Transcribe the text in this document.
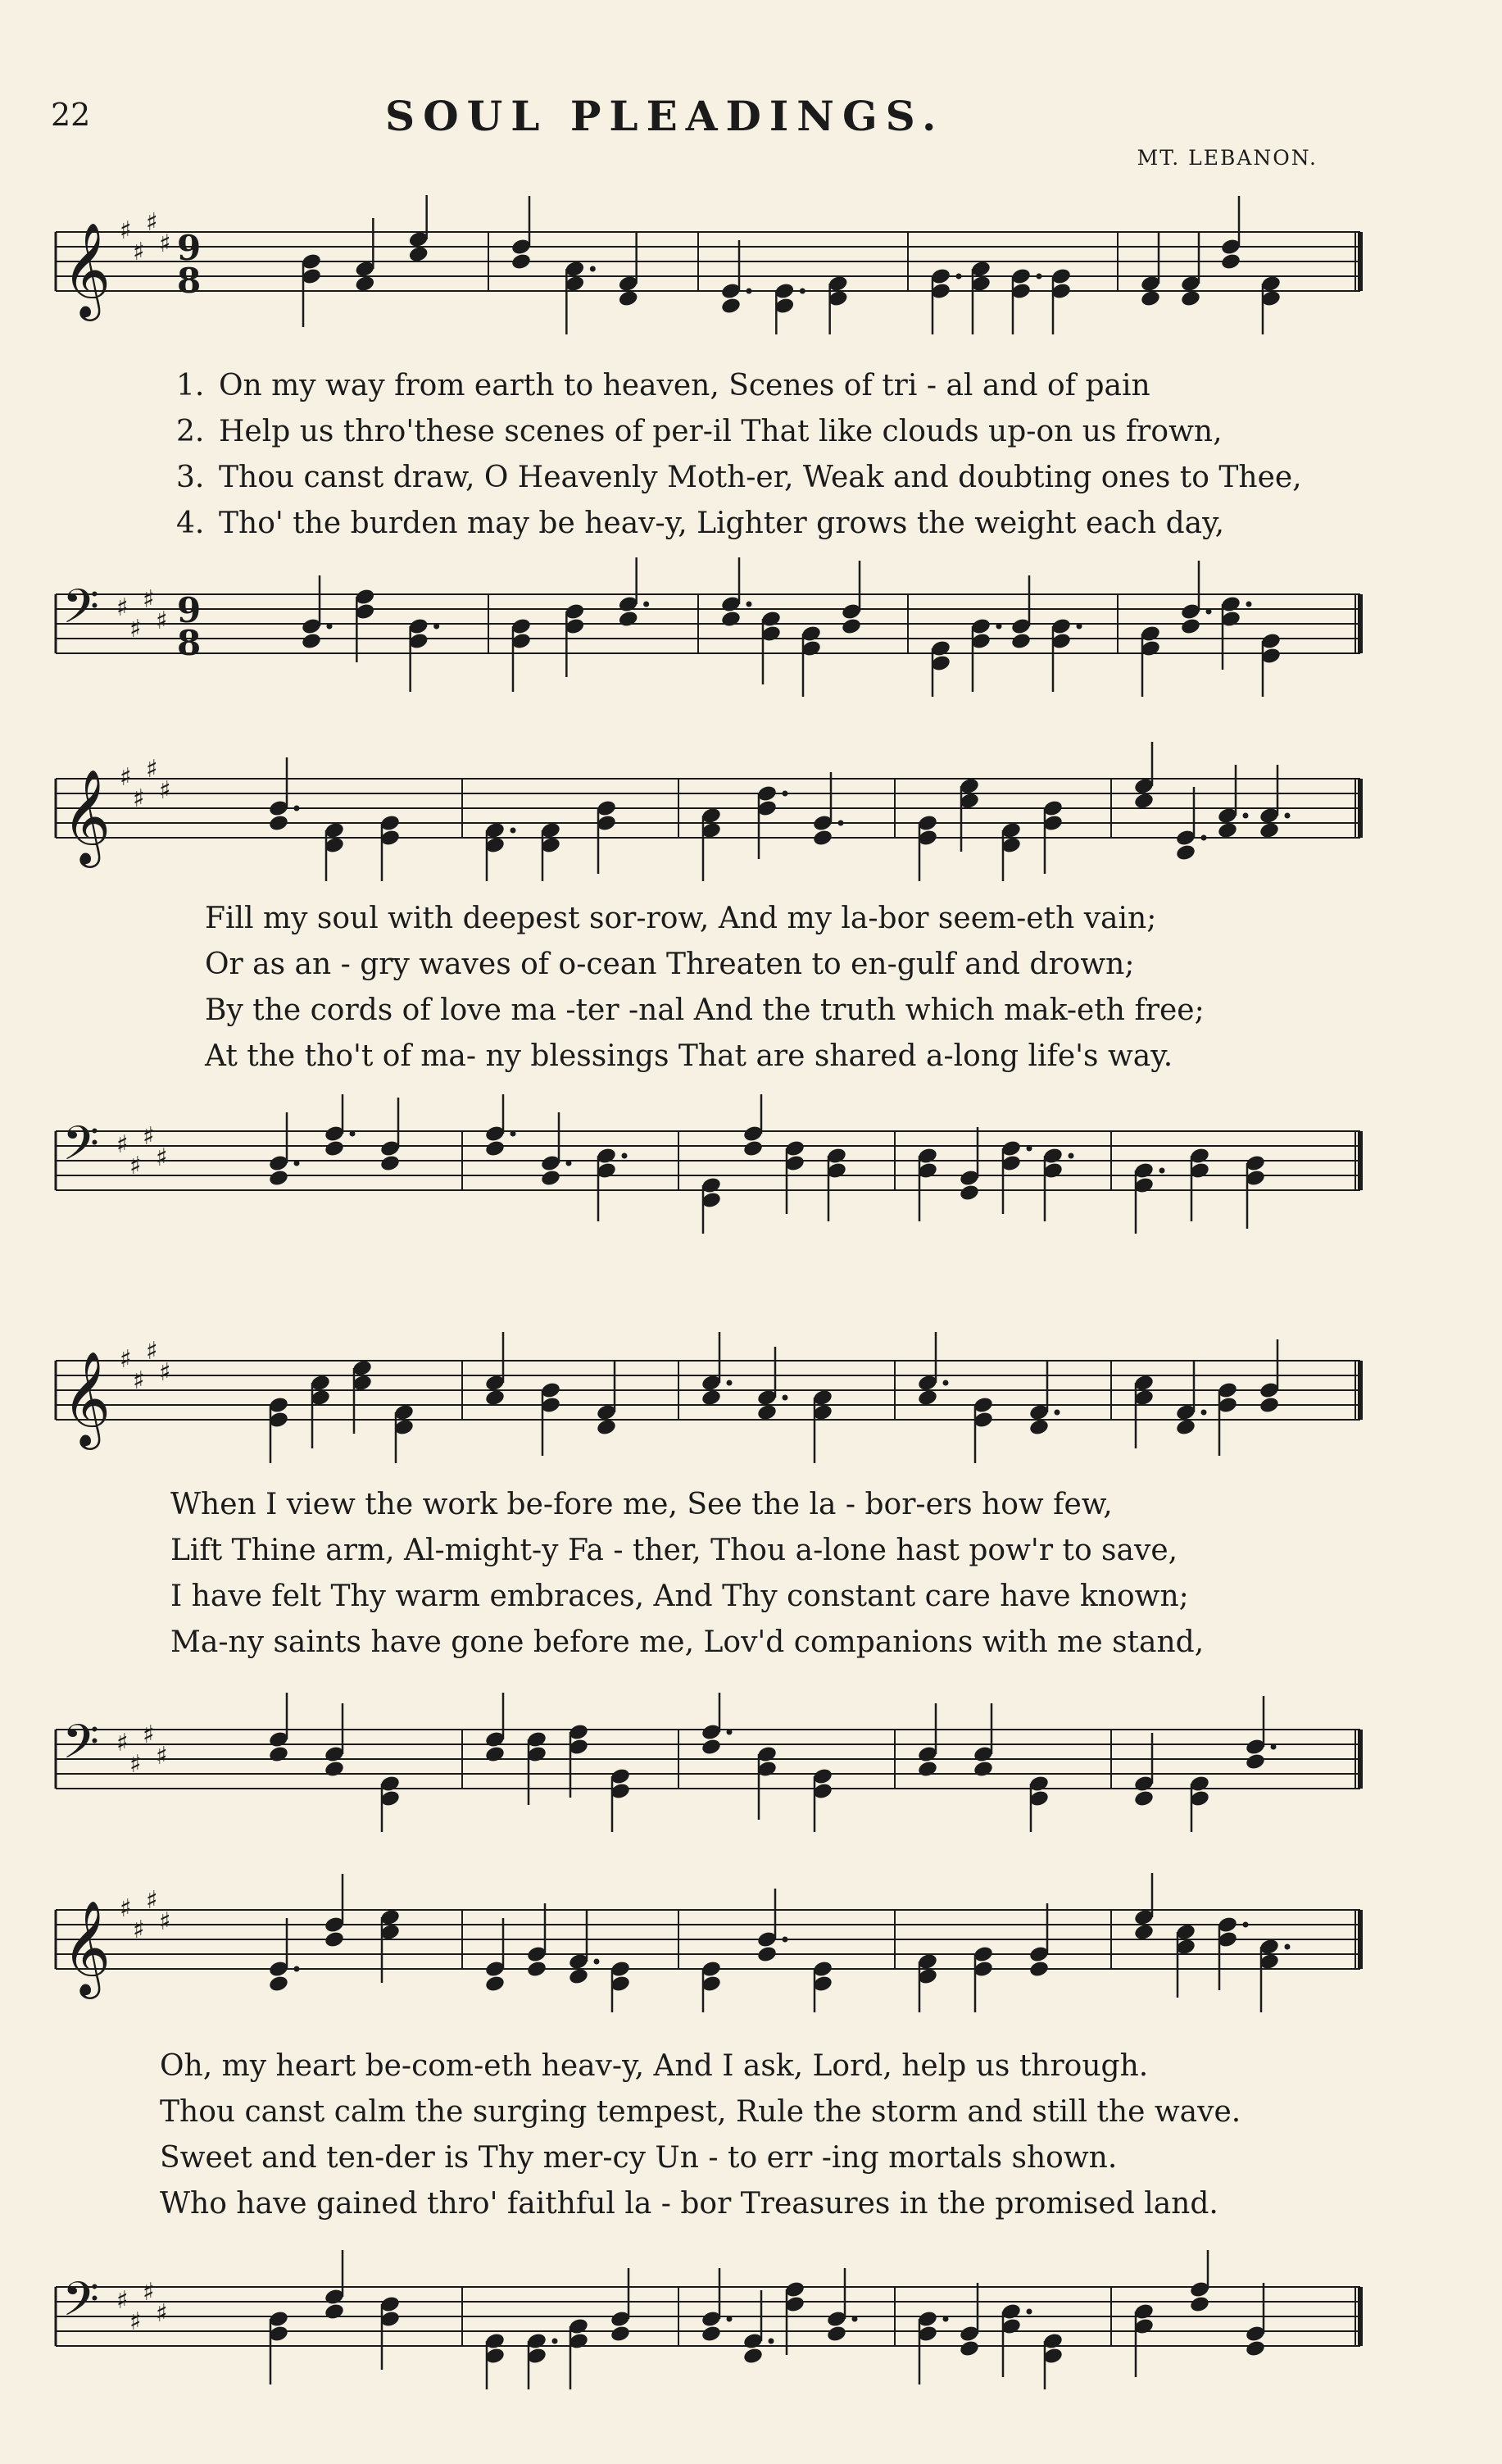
22	SOUL PLEADINGS.
MT. LEBANON.
𝄞 ♯
♯
♯
♯ 9
8
𝄢 ♯
♯
♯
♯ 9
8
𝄞 ♯
♯
♯
♯
𝄢 ♯
♯
♯
♯
𝄞 ♯
♯
♯
♯
𝄢 ♯
♯
♯
♯
𝄞 ♯
♯
♯
♯
𝄢 ♯
♯
♯
♯
1. On my way from earth to heaven, Scenes of tri - al and of pain
2. Help us thro'these scenes of per-il That like clouds up-on us frown,
3. Thou canst draw, O Heavenly Moth-er, Weak and doubting ones to Thee,
4. Tho' the burden may be heav-y, Lighter grows the weight each day,
Fill my soul with deepest sor-row, And my la-bor seem-eth vain;
Or as an - gry waves of o-cean Threaten to en-gulf and drown;
By the cords of love ma -ter -nal And the truth which mak-eth free;
At the tho't of ma- ny blessings That are shared a-long life's way.
When I view the work be-fore me, See the la - bor-ers how few,
Lift Thine arm, Al-might-y Fa - ther, Thou a-lone hast pow'r to save,
I have felt Thy warm embraces, And Thy constant care have known;
Ma-ny saints have gone before me, Lov'd companions with me stand,
Oh, my heart be-com-eth heav-y, And I ask, Lord, help us through.
Thou canst calm the surging tempest, Rule the storm and still the wave.
Sweet and ten-der is Thy mer-cy Un - to err -ing mortals shown.
Who have gained thro' faithful la - bor Treasures in the promised land.
